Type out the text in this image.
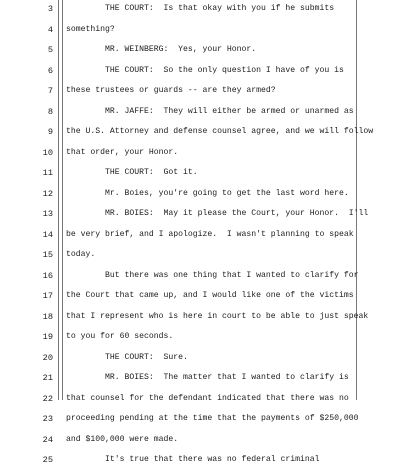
3 THE COURT:  Is that okay with you if he submits
4 something?
5 MR. WEINBERG:  Yes, your Honor.
6 THE COURT:  So the only question I have of you is
7 these trustees or guards -- are they armed?
8 MR. JAFFE:  They will either be armed or unarmed as
9 the U.S. Attorney and defense counsel agree, and we will follow
10 that order, your Honor.
11 THE COURT:  Got it.
12 Mr. Boies, you're going to get the last word here.
13 MR. BOIES:  May it please the Court, your Honor.  I'll
14 be very brief, and I apologize.  I wasn't planning to speak
15 today.
16 But there was one thing that I wanted to clarify for
17 the Court that came up, and I would like one of the victims
18 that I represent who is here in court to be able to just speak
19 to you for 60 seconds.
20 THE COURT:  Sure.
21 MR. BOIES:  The matter that I wanted to clarify is
22 that counsel for the defendant indicated that there was no
23 proceeding pending at the time that the payments of $250,000
24 and $100,000 were made.
25 It's true that there was no federal criminal
